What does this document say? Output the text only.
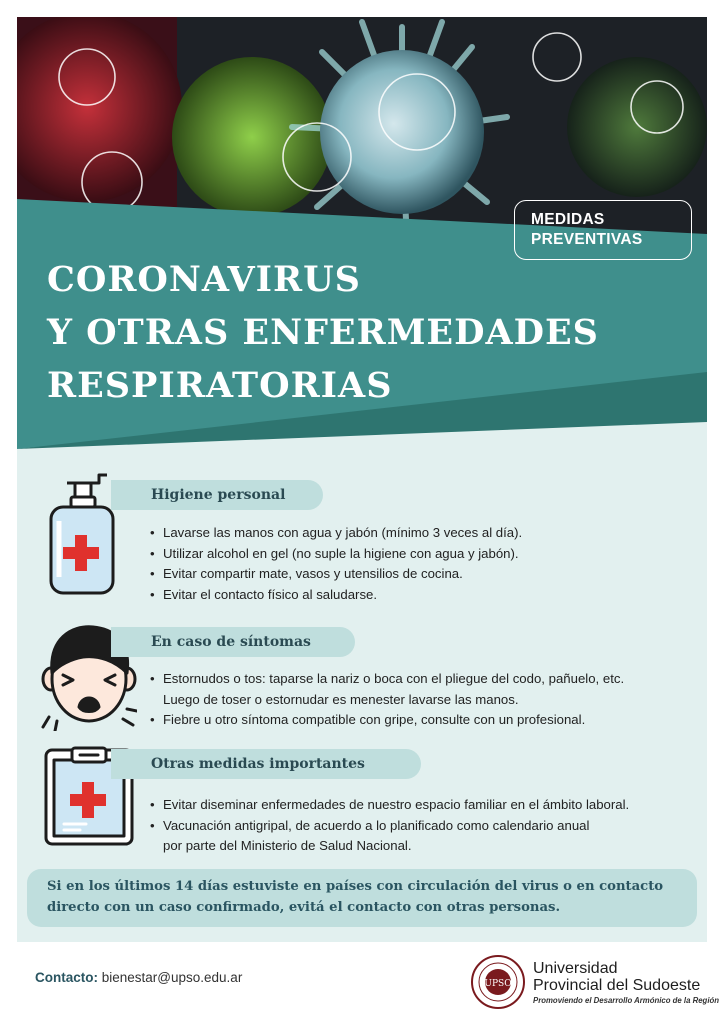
MEDIDAS
PREVENTIVAS
CORONAVIRUS
Y OTRAS ENFERMEDADES
RESPIRATORIAS
Higiene personal
• Lavarse las manos con agua y jabón (mínimo 3 veces al día).
• Utilizar alcohol en gel (no suple la higiene con agua y jabón).
• Evitar compartir mate, vasos y utensilios de cocina.
• Evitar el contacto físico al saludarse.
En caso de síntomas
• Estornudos o tos: taparse la nariz o boca con el pliegue del codo, pañuelo, etc.
Luego de toser o estornudar es menester lavarse las manos.
• Fiebre u otro síntoma compatible con gripe, consulte con un profesional.
Otras medidas importantes
• Evitar diseminar enfermedades de nuestro espacio familiar en el ámbito laboral.
• Vacunación antigripal, de acuerdo a lo planificado como calendario anual
por parte del Ministerio de Salud Nacional.

Si en los últimos 14 días estuviste en países con circulación del virus o en contacto
directo con un caso confirmado, evitá el contacto con otras personas.

Contacto: bienestar@upso.edu.ar	UPSO
Universidad
Provincial del Sudoeste
Promoviendo el Desarrollo Armónico de la Región
